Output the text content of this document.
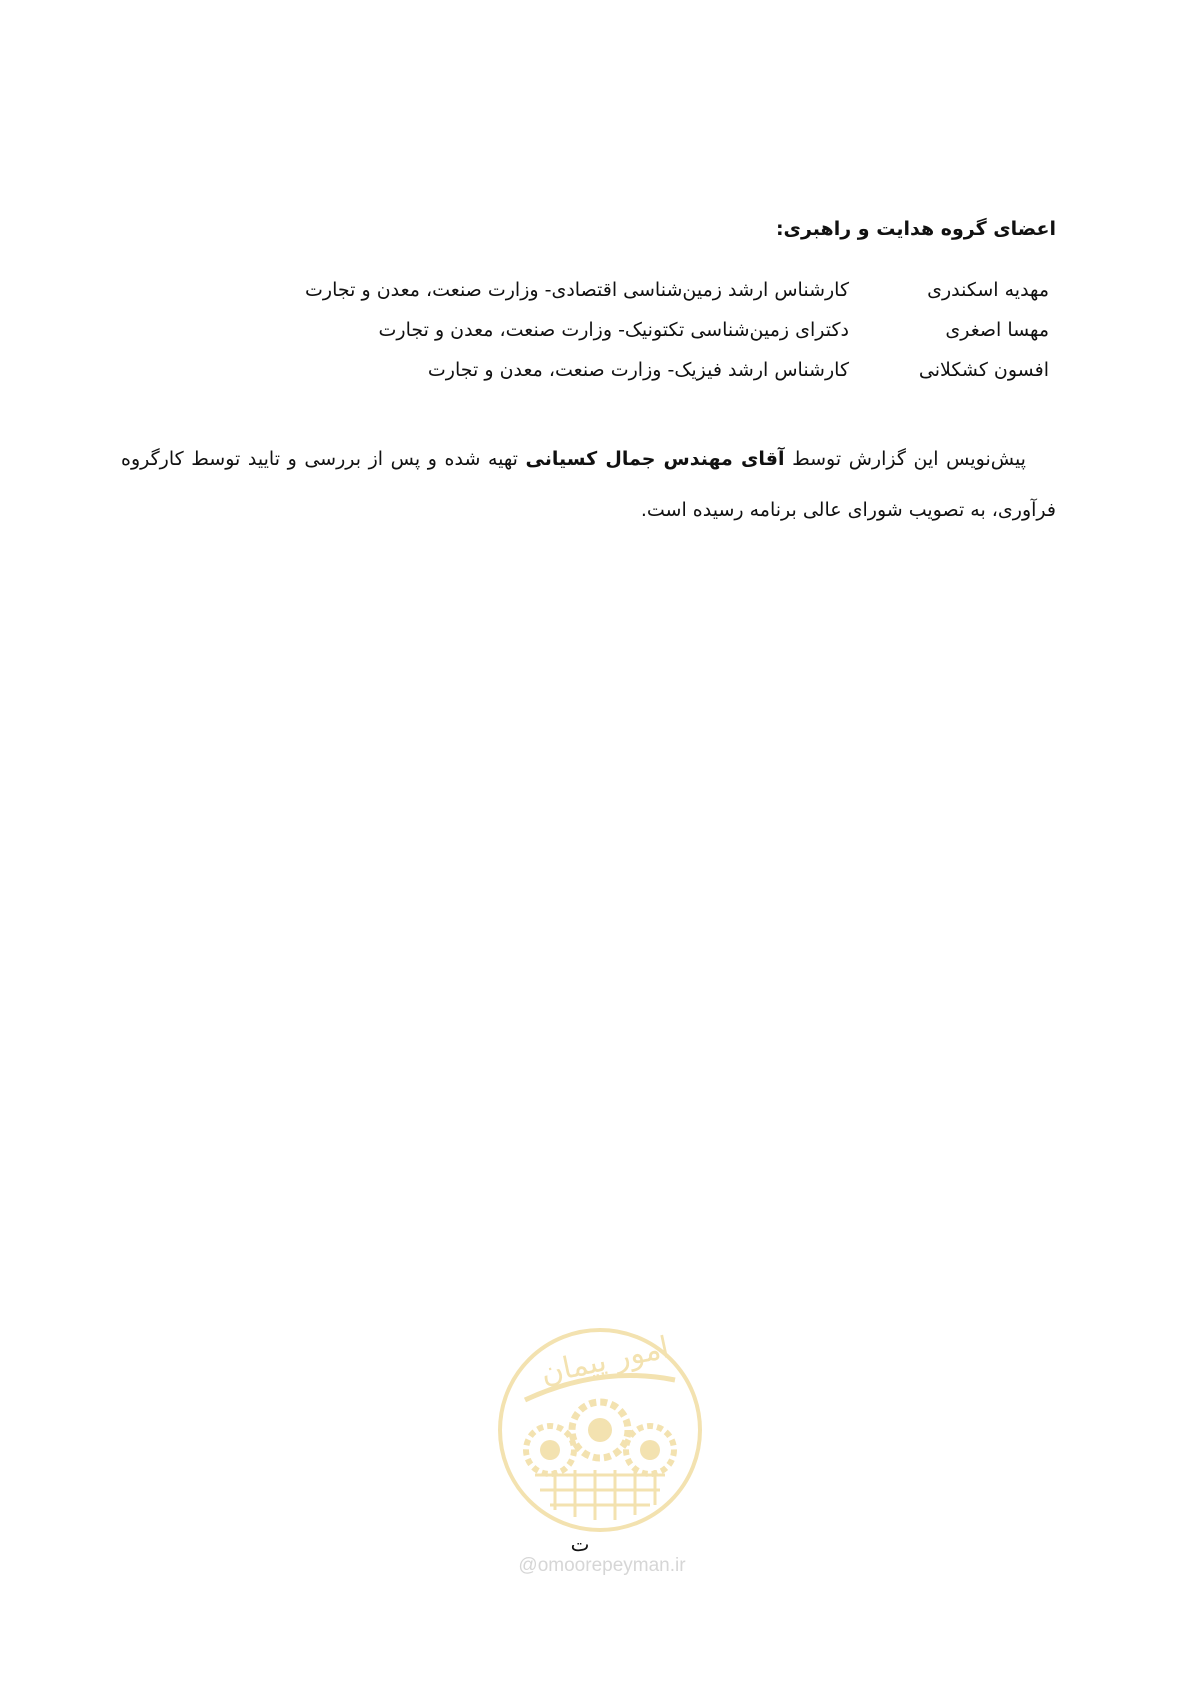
اعضای گروه هدایت و راهبری:
مهدیه اسکندری
کارشناس ارشد زمین‌شناسی اقتصادی- وزارت صنعت، معدن و تجارت
مهسا اصغری
دکترای زمین‌شناسی تکتونیک- وزارت صنعت، معدن و تجارت
افسون کشکلانی
کارشناس ارشد فیزیک- وزارت صنعت، معدن و تجارت

پیش‌نویس این گزارش توسط آقای مهندس جمال کسیانی تهیه شده و پس از بررسی و تایید توسط کارگروه فرآوری، به تصویب شورای عالی برنامه رسیده است.

امور پیمان
ت
@omoorepeyman.ir
